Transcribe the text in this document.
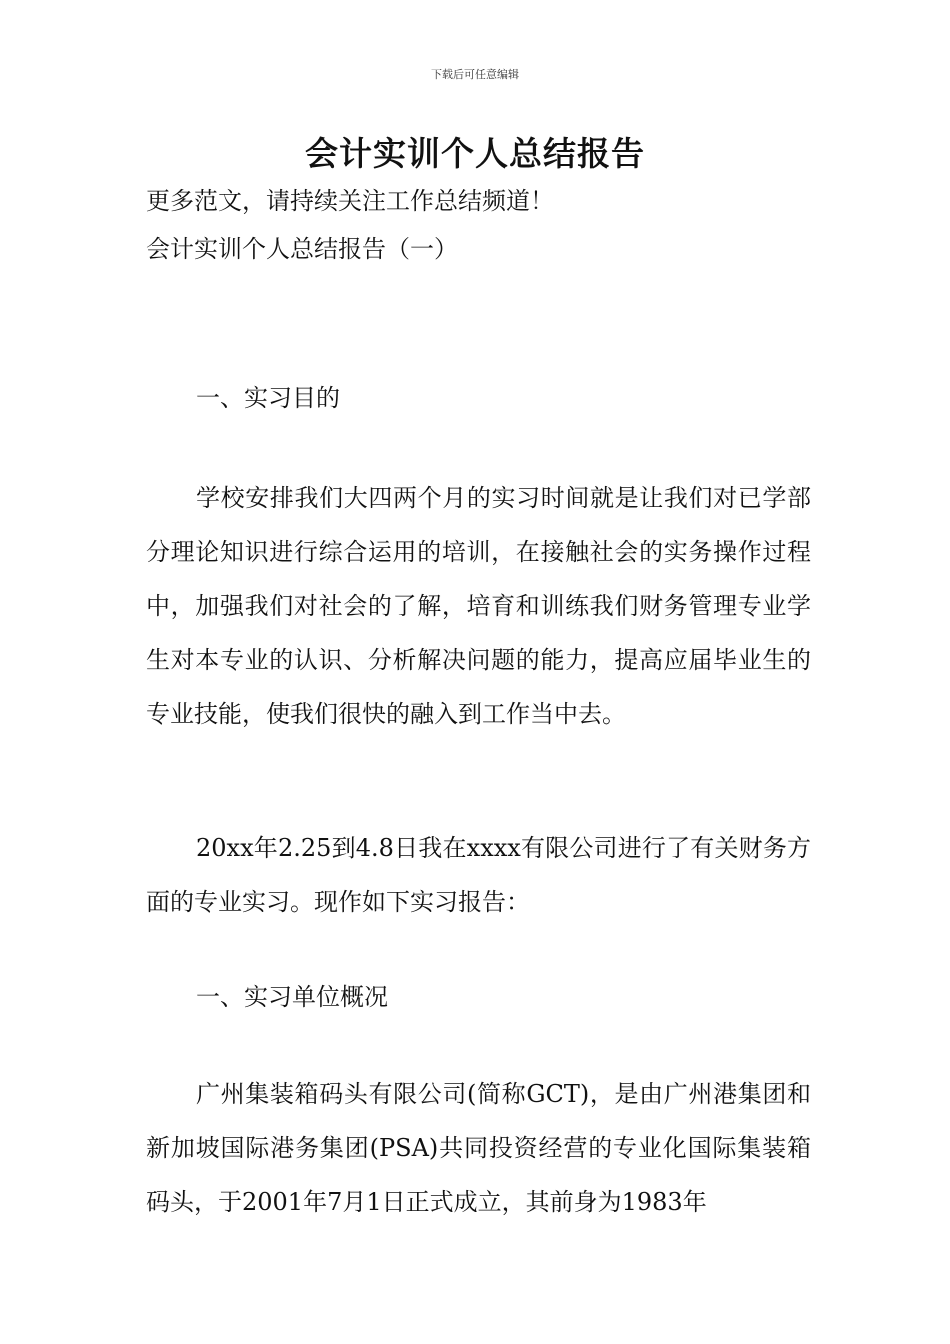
下载后可任意编辑
会计实训个人总结报告
更多范文，请持续关注工作总结频道！
会计实训个人总结报告（一）
一、实习目的

学校安排我们大四两个月的实习时间就是让我们对已学部分理论知识进行综合运用的培训，在接触社会的实务操作过程中，加强我们对社会的了解，培育和训练我们财务管理专业学生对本专业的认识、分析解决问题的能力，提高应届毕业生的专业技能，使我们很快的融入到工作当中去。

20xx年2.25到4.8日我在xxxx有限公司进行了有关财务方面的专业实习。现作如下实习报告：

一、实习单位概况

广州集装箱码头有限公司(简称GCT)，是由广州港集团和新加坡国际港务集团(PSA)共同投资经营的专业化国际集装箱码头，于2001年7月1日正式成立，其前身为1983年
